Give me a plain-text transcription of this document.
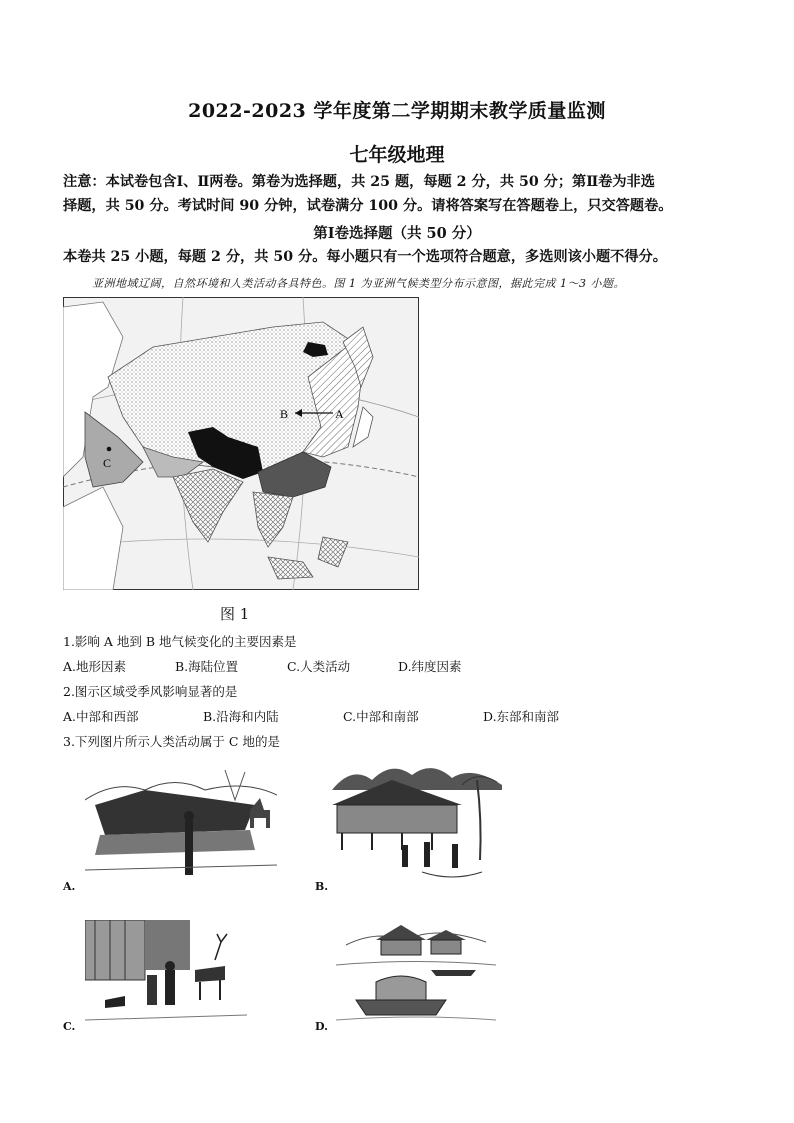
2022-2023 学年度第二学期期末教学质量监测
七年级地理
注意：本试卷包含Ⅰ、Ⅱ两卷。第卷为选择题，共 25 题，每题 2 分，共 50 分；第Ⅱ卷为非选
择题，共 50 分。考试时间 90 分钟，试卷满分 100 分。请将答案写在答题卷上，只交答题卷。
第Ⅰ卷选择题（共 50 分）
本卷共 25 小题，每题 2 分，共 50 分。每小题只有一个选项符合题意，多选则该小题不得分。
亚洲地域辽阔，自然环境和人类活动各具特色。图 1 为亚洲气候类型分布示意图，据此完成 1～3 小题。
B	A
C
图 1
1.影响 A 地到 B 地气候变化的主要因素是
A.地形因素	B.海陆位置	C.人类活动	D.纬度因素
2.图示区域受季风影响显著的是
A.中部和西部	B.沿海和内陆	C.中部和南部	D.东部和南部
3.下列图片所示人类活动属于 C 地的是
A.	B.
C.	D.
